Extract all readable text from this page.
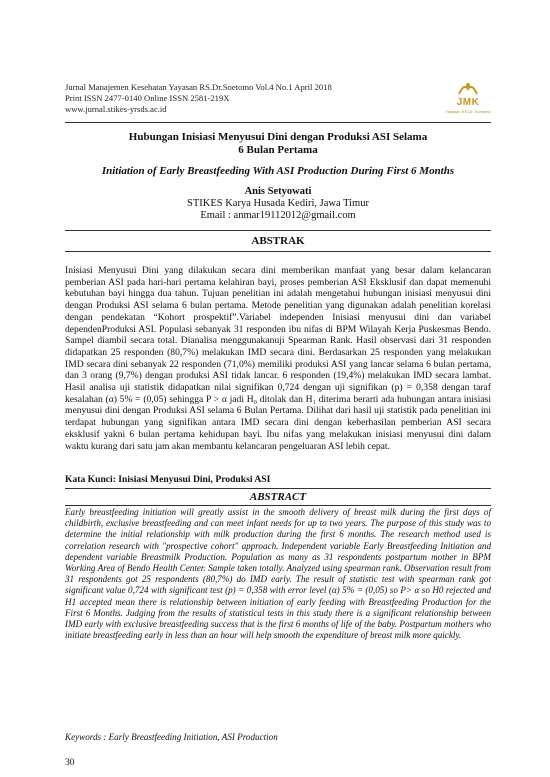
Jurnal Manajemen Kesehatan Yayasan RS.Dr.Soetomo Vol.4 No.1 April 2018
Print ISSN 2477-0140 Online ISSN 2581-219X
www.jurnal.stikes-yrsds.ac.id
JMK
Yayasan RS Dr. Soetomo
Hubungan Inisiasi Menyusui Dini dengan Produksi ASI Selama
6 Bulan Pertama
Initiation of Early Breastfeeding With ASI Production During First 6 Months
Anis Setyowati
STIKES Karya Husada Kediri, Jawa Timur
Email : anmar19112012@gmail.com
ABSTRAK
Inisiasi Menyusui Dini yang dilakukan secara dini memberikan manfaat yang besar dalam kelancaran pemberian ASI pada hari-hari pertama kelahiran bayi, proses pemberian ASI Eksklusif dan dapat memenuhi kebutuhan bayi hingga dua tahun. Tujuan penelitian ini adalah mengetahui hubungan inisiasi menyusui dini dengan Produksi ASI selama 6 bulan pertama. Metode penelitian yang digunakan adalah penelitian korelasi dengan pendekatan “Kohort prospektif”.Variabel independen Inisiasi menyusui dini dan variabel dependenProduksi ASI. Populasi sebanyak 31 responden ibu nifas di BPM Wilayah Kerja Puskesmas Bendo. Sampel diambil secara total. Dianalisa menggunakanuji Spearman Rank. Hasil observasi dari 31 responden didapatkan 25 responden (80,7%) melakukan IMD secara dini. Berdasarkan 25 responden yang melakukan IMD secara dini sebanyak 22 responden (71,0%) memiliki produksi ASI yang lancar selama 6 bulan pertama, dan 3 orang (9,7%) dengan produksi ASI tidak lancar. 6 responden (19,4%) melakukan IMD secara lambat. Hasil analisa uji statistik didapatkan nilai signifikan 0,724 dengan uji signifikan (p) = 0,358 dengan taraf kesalahan (α) 5% = (0,05) sehingga P > α jadi H₀ ditolak dan H₁ diterima berarti ada hubungan antara inisiasi menyusui dini dengan Produksi ASI selama 6 Bulan Pertama. Dilihat dari hasil uji statistik pada penelitian ini terdapat hubungan yang signifikan antara IMD secara dini dengan keberhasilan pemberian ASI secara eksklusif yakni 6 bulan pertama kehidupan bayi. Ibu nifas yang melakukan inisiasi menyusui dini dalam waktu kurang dari satu jam akan membantu kelancaran pengeluaran ASI lebih cepat.
Kata Kunci: Inisiasi Menyusui Dini, Produksi ASI
ABSTRACT
Early breastfeeding initiation will greatly assist in the smooth delivery of breast milk during the first days of childbirth, exclusive breastfeeding and can meet infant needs for up to two years. The purpose of this study was to determine the initial relationship with milk production during the first 6 months. The research method used is correlation research with "prospective cohort" approach. Independent variable Early Breastfeeding Initiation and dependent variable Breastmilk Production. Population as many as 31 respondents postpartum mother in BPM Working Area of Bendo Health Center. Sample taken totally. Analyzed using spearman rank. Observation result from 31 respondents got 25 respondents (80,7%) do IMD early. The result of statistic test with spearman rank got significant value 0,724 with significant test (p) = 0,358 with error level (α) 5% = (0,05) so P> α so H0 rejected and H1 accepted mean there is relationship between initiation of early feeding with Breastfeeding Production for the First 6 Months. Judging from the results of statistical tests in this study there is a significant relationship between IMD early with exclusive breastfeeding success that is the first 6 months of life of the baby. Postpartum mothers who initiate breastfeeding early in less than an hour will help smooth the expenditure of breast milk more quickly.
Keywords : Early Breastfeeding Initiation, ASI Production
30
